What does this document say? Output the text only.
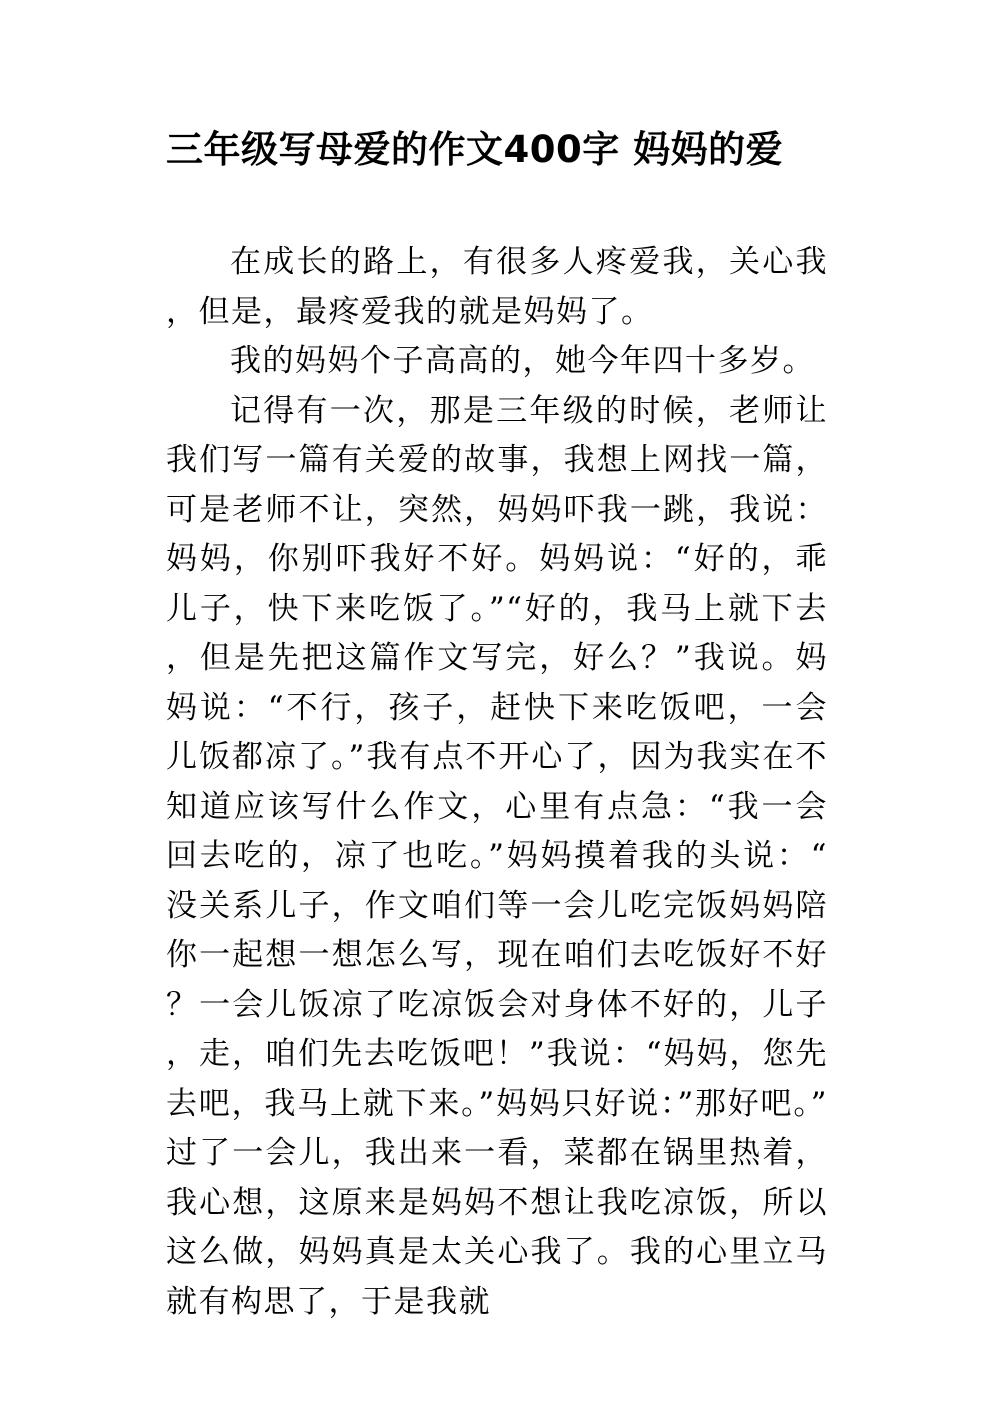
三年级写母爱的作文400字 妈妈的爱

在成长的路上，有很多人疼爱我，关心我，但是，最疼爱我的就是妈妈了。

我的妈妈个子高高的，她今年四十多岁。

记得有一次，那是三年级的时候，老师让我们写一篇有关爱的故事，我想上网找一篇，可是老师不让，突然，妈妈吓我一跳，我说：妈妈，你别吓我好不好。妈妈说：“好的，乖儿子，快下来吃饭了。”“好的，我马上就下去，但是先把这篇作文写完，好么？”我说。妈妈说：“不行，孩子，赶快下来吃饭吧，一会儿饭都凉了。”我有点不开心了，因为我实在不知道应该写什么作文，心里有点急：“我一会回去吃的，凉了也吃。”妈妈摸着我的头说：“没关系儿子，作文咱们等一会儿吃完饭妈妈陪你一起想一想怎么写，现在咱们去吃饭好不好？一会儿饭凉了吃凉饭会对身体不好的，儿子，走，咱们先去吃饭吧！”我说：“妈妈，您先去吧，我马上就下来。”妈妈只好说：”那好吧。”过了一会儿，我出来一看，菜都在锅里热着，我心想，这原来是妈妈不想让我吃凉饭，所以这么做，妈妈真是太关心我了。我的心里立马就有构思了，于是我就
